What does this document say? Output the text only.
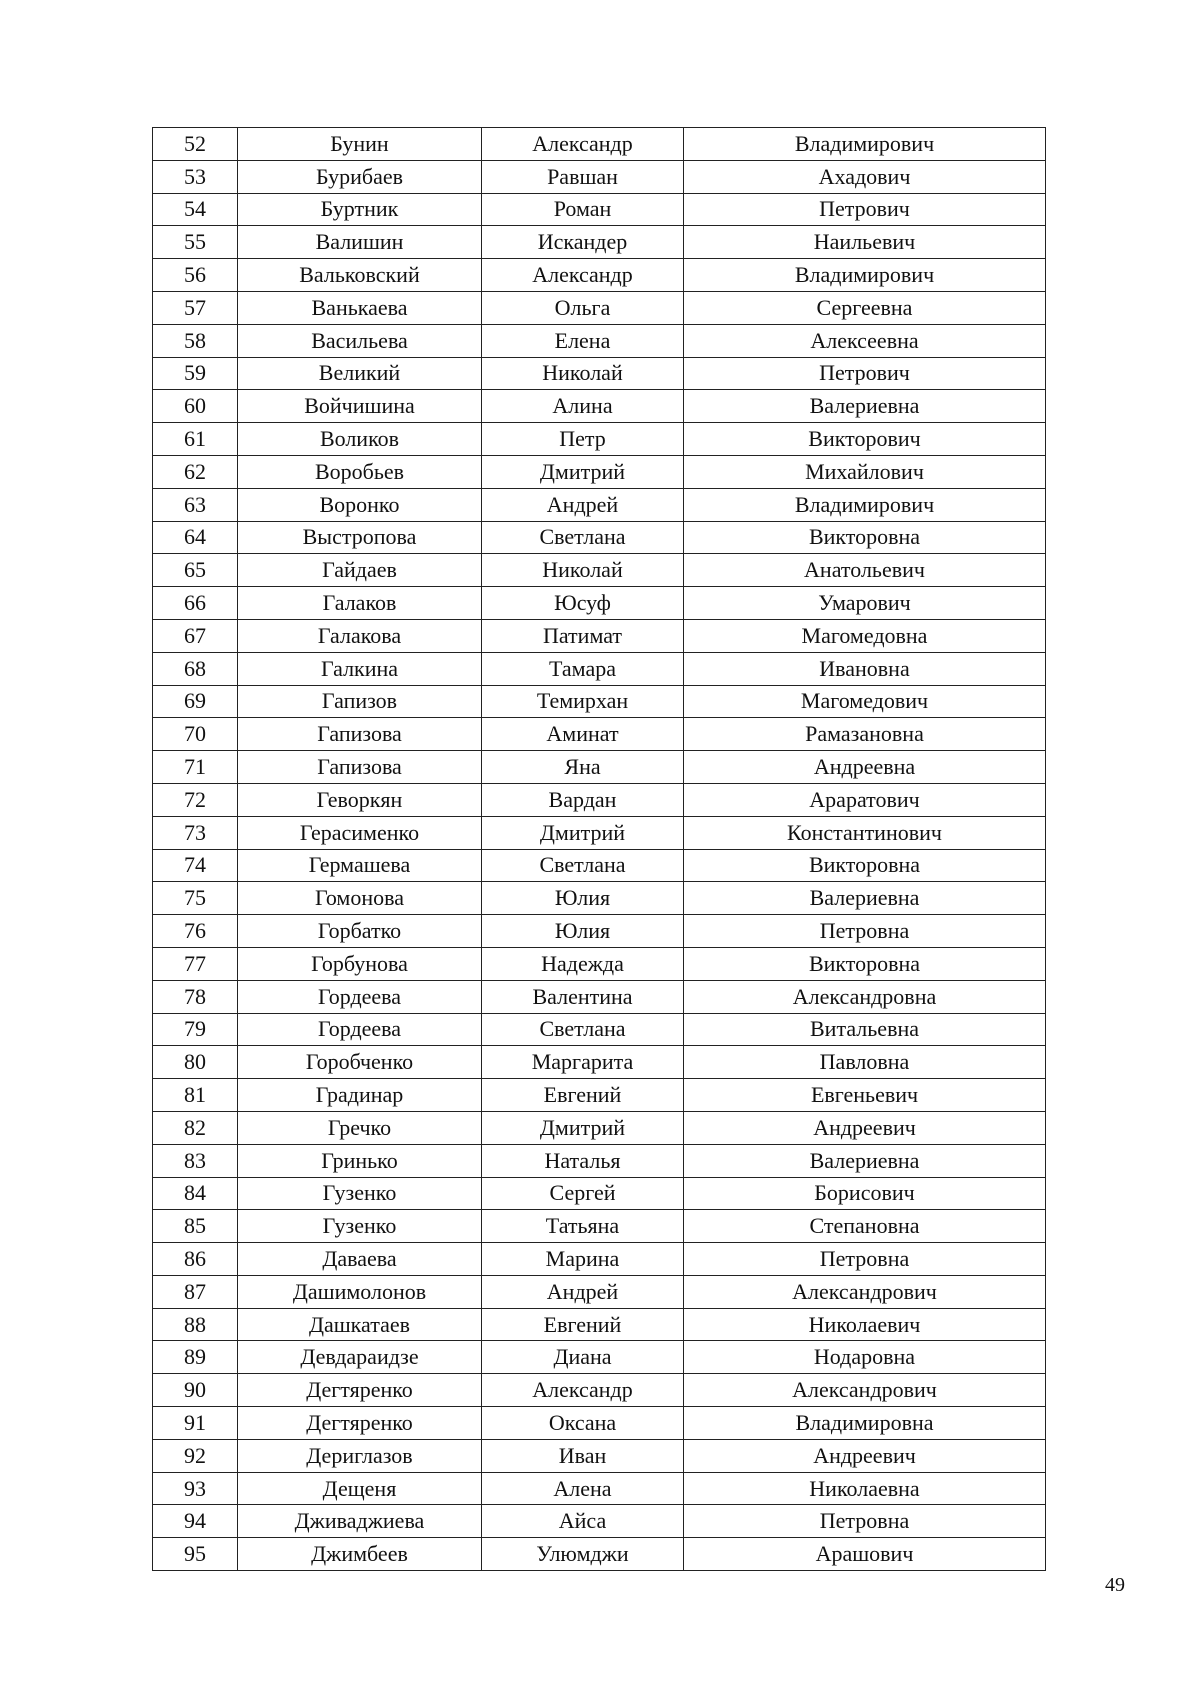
52	Бунин	Александр	Владимирович
53	Бурибаев	Равшан	Ахадович
54	Буртник	Роман	Петрович
55	Валишин	Искандер	Наильевич
56	Вальковский	Александр	Владимирович
57	Ванькаева	Ольга	Сергеевна
58	Васильева	Елена	Алексеевна
59	Великий	Николай	Петрович
60	Войчишина	Алина	Валериевна
61	Воликов	Петр	Викторович
62	Воробьев	Дмитрий	Михайлович
63	Воронко	Андрей	Владимирович
64	Выстропова	Светлана	Викторовна
65	Гайдаев	Николай	Анатольевич
66	Галаков	Юсуф	Умарович
67	Галакова	Патимат	Магомедовна
68	Галкина	Тамара	Ивановна
69	Гапизов	Темирхан	Магомедович
70	Гапизова	Аминат	Рамазановна
71	Гапизова	Яна	Андреевна
72	Геворкян	Вардан	Араратович
73	Герасименко	Дмитрий	Константинович
74	Гермашева	Светлана	Викторовна
75	Гомонова	Юлия	Валериевна
76	Горбатко	Юлия	Петровна
77	Горбунова	Надежда	Викторовна
78	Гордеева	Валентина	Александровна
79	Гордеева	Светлана	Витальевна
80	Горобченко	Маргарита	Павловна
81	Градинар	Евгений	Евгеньевич
82	Гречко	Дмитрий	Андреевич
83	Гринько	Наталья	Валериевна
84	Гузенко	Сергей	Борисович
85	Гузенко	Татьяна	Степановна
86	Даваева	Марина	Петровна
87	Дашимолонов	Андрей	Александрович
88	Дашкатаев	Евгений	Николаевич
89	Девдараидзе	Диана	Нодаровна
90	Дегтяренко	Александр	Александрович
91	Дегтяренко	Оксана	Владимировна
92	Дериглазов	Иван	Андреевич
93	Дещеня	Алена	Николаевна
94	Дживаджиева	Айса	Петровна
95	Джимбеев	Улюмджи	Арашович
49
